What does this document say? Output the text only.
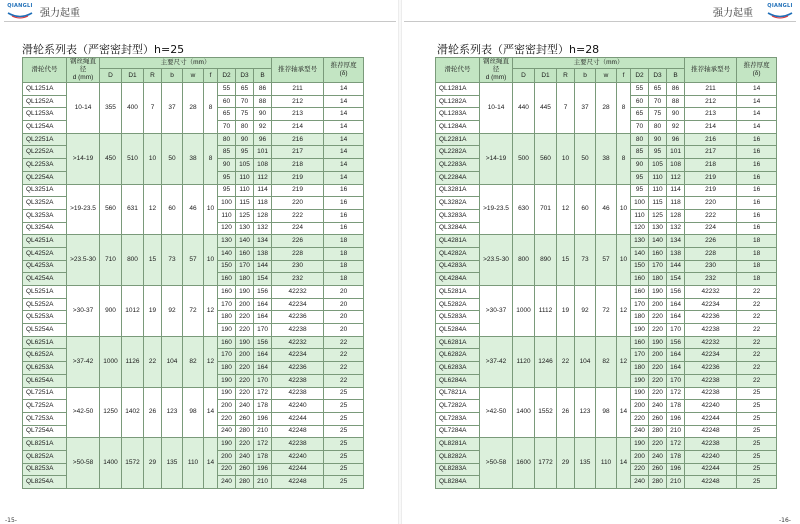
QIANGLI
强力起重
滑轮系列表（严密密封型）h=25
滑轮代号	钢丝绳直径
d (mm)	主要尺寸（mm）									推荐轴承型号	推荐厚度
(δ)
		D	D1	R	b	w	f	D2	D3	B		
QL1251A	10-14	355	400	7	37	28	8	55	65	86	211	14
QL1252A								60	70	88	212	14
QL1253A								65	75	90	213	14
QL1254A								70	80	92	214	14
QL2251A	>14-19	450	510	10	50	38	8	80	90	96	216	14
QL2252A								85	95	101	217	14
QL2253A								90	105	108	218	14
QL2254A								95	110	112	219	14
QL3251A	>19-23.5	560	631	12	60	46	10	95	110	114	219	16
QL3252A								100	115	118	220	16
QL3253A								110	125	128	222	16
QL3254A								120	130	132	224	16
QL4251A	>23.5-30	710	800	15	73	57	10	130	140	134	226	18
QL4252A								140	160	138	228	18
QL4253A								150	170	144	230	18
QL4254A								160	180	154	232	18
QL5251A	>30-37	900	1012	19	92	72	12	160	190	156	42232	20
QL5252A								170	200	164	42234	20
QL5253A								180	220	164	42236	20
QL5254A								190	220	170	42238	20
QL6251A	>37-42	1000	1126	22	104	82	12	160	190	156	42232	22
QL6252A								170	200	164	42234	22
QL6253A								180	220	164	42236	22
QL6254A								190	220	170	42238	22
QL7251A	>42-50	1250	1402	26	123	98	14	190	220	172	42238	25
QL7252A								200	240	178	42240	25
QL7253A								220	260	196	42244	25
QL7254A								240	280	210	42248	25
QL8251A	>50-58	1400	1572	29	135	110	14	190	220	172	42238	25
QL8252A								200	240	178	42240	25
QL8253A								220	260	196	42244	25
QL8254A								240	280	210	42248	25
-15-
强力起重
QIANGLI
滑轮系列表（严密密封型）h=28
滑轮代号	钢丝绳直径
d (mm)	主要尺寸（mm）									推荐轴承型号	推荐厚度
(δ)
		D	D1	R	b	w	f	D2	D3	B		
QL1281A	10-14	440	445	7	37	28	8	55	65	86	211	14
QL1282A								60	70	88	212	14
QL1283A								65	75	90	213	14
QL1284A								70	80	92	214	14
QL2281A	>14-19	500	560	10	50	38	8	80	90	96	216	16
QL2282A								85	95	101	217	16
QL2283A								90	105	108	218	16
QL2284A								95	110	112	219	16
QL3281A	>19-23.5	630	701	12	60	46	10	95	110	114	219	16
QL3282A								100	115	118	220	16
QL3283A								110	125	128	222	16
QL3284A								120	130	132	224	16
QL4281A	>23.5-30	800	890	15	73	57	10	130	140	134	226	18
QL4282A								140	160	138	228	18
QL4283A								150	170	144	230	18
QL4284A								160	180	154	232	18
QL5281A	>30-37	1000	1112	19	92	72	12	160	190	156	42232	22
QL5282A								170	200	164	42234	22
QL5283A								180	220	164	42236	22
QL5284A								190	220	170	42238	22
QL6281A	>37-42	1120	1246	22	104	82	12	160	190	156	42232	22
QL6282A								170	200	164	42234	22
QL6283A								180	220	164	42236	22
QL6284A								190	220	170	42238	22
QL7821A	>42-50	1400	1552	26	123	98	14	190	220	172	42238	25
QL7282A								200	240	178	42240	25
QL7283A								220	260	196	42244	25
QL7284A								240	280	210	42248	25
QL8281A	>50-58	1600	1772	29	135	110	14	190	220	172	42238	25
QL8282A								200	240	178	42240	25
QL8283A								220	260	196	42244	25
QL8284A								240	280	210	42248	25
-16-
